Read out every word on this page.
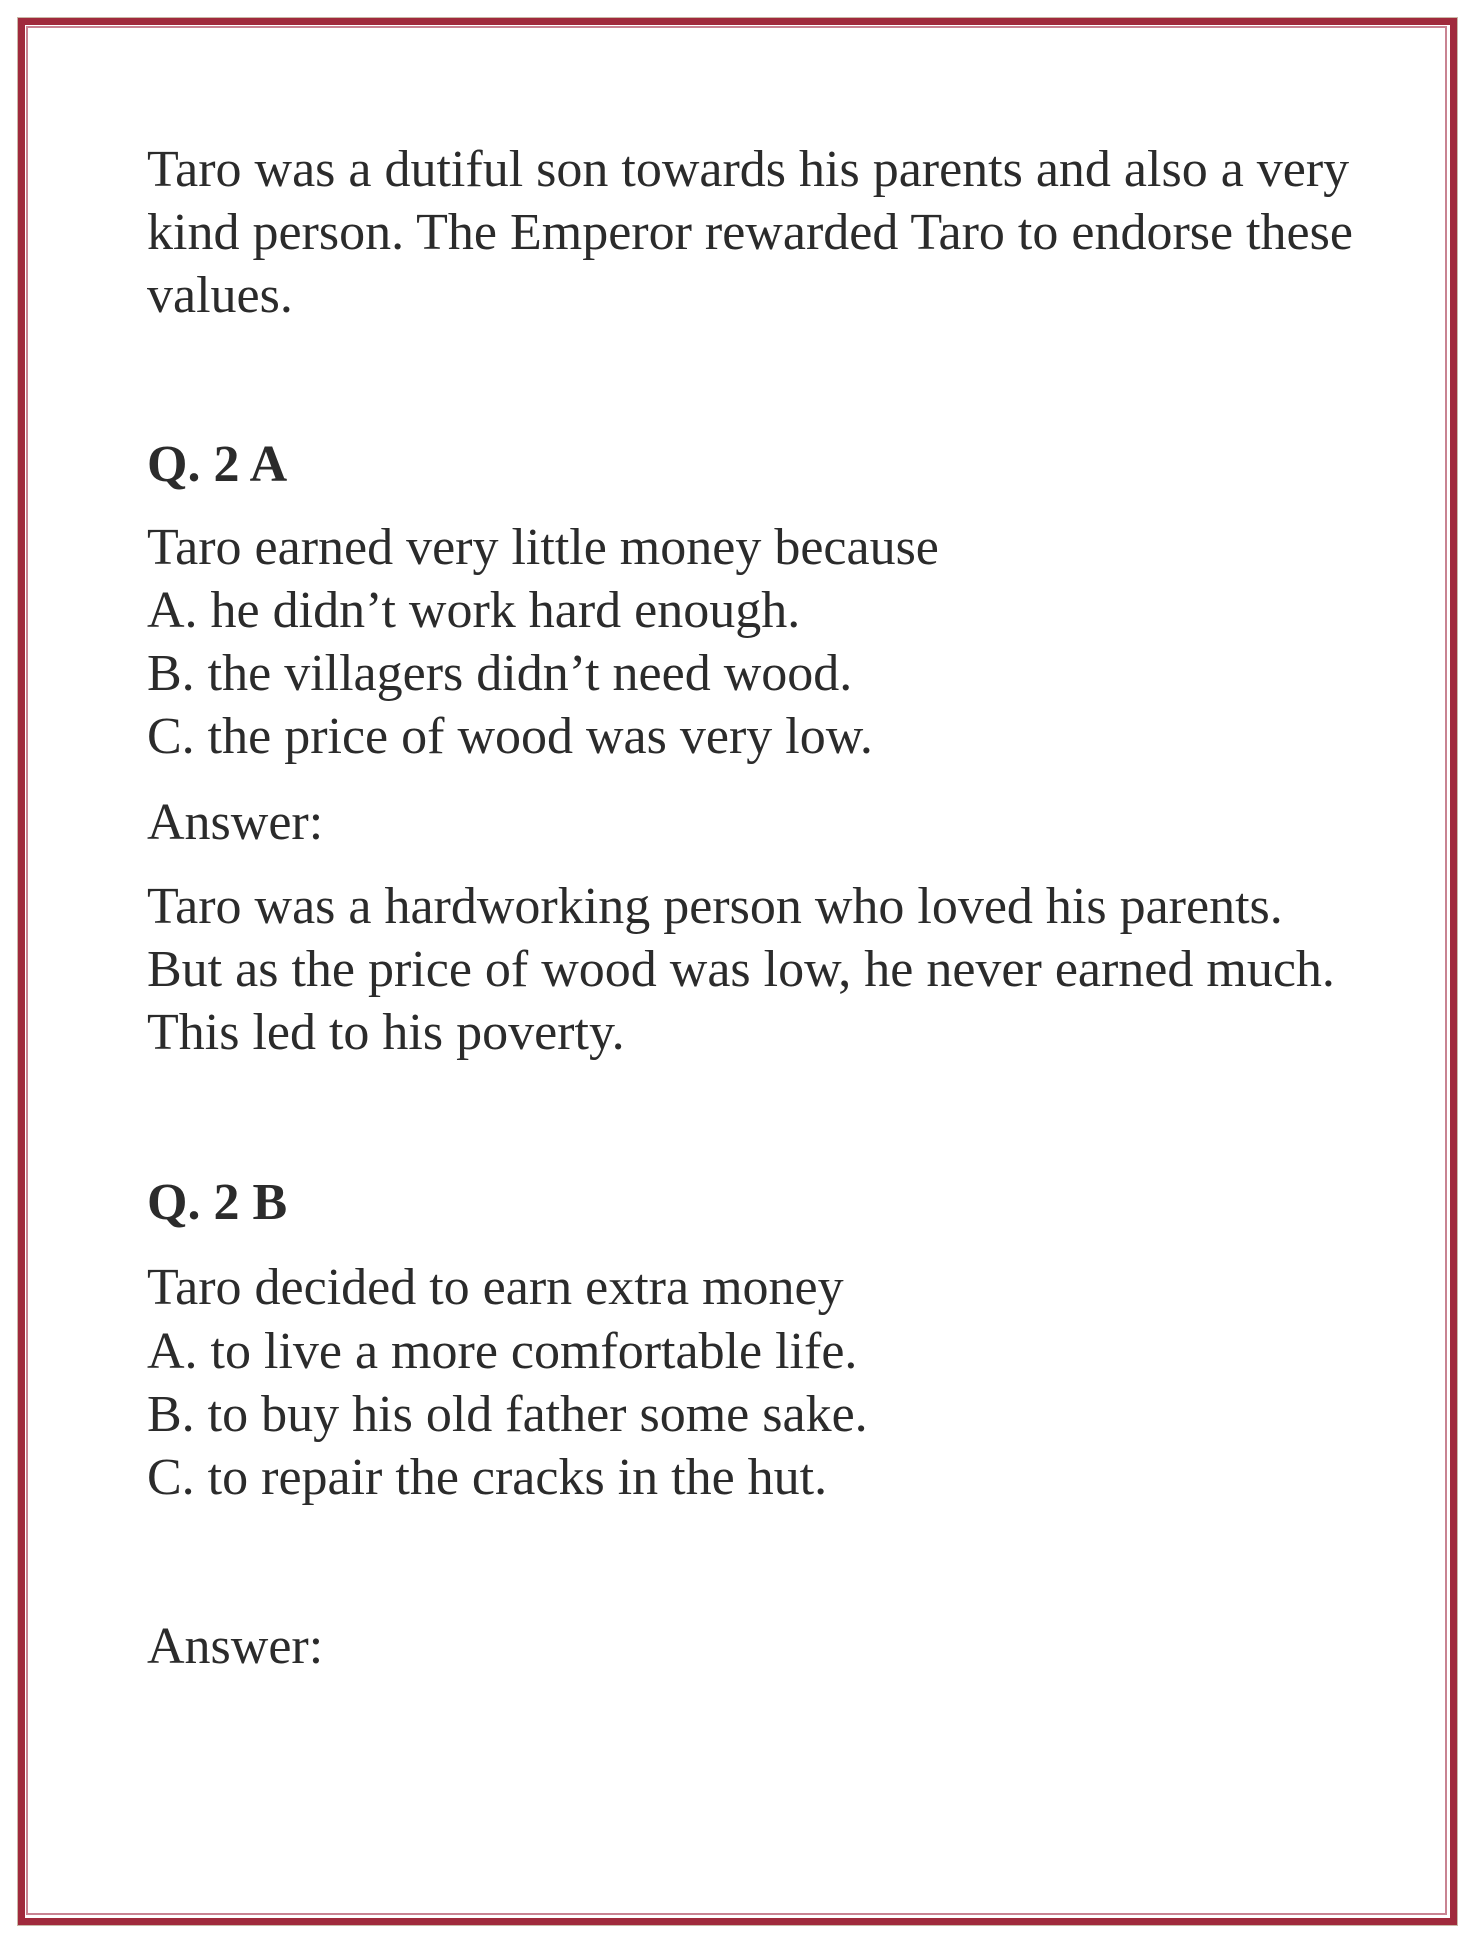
Taro was a dutiful son towards his parents and also a very
kind person. The Emperor rewarded Taro to endorse these
values.
Q. 2 A
Taro earned very little money because
A. he didn’t work hard enough.
B. the villagers didn’t need wood.
C. the price of wood was very low.
Answer:
Taro was a hardworking person who loved his parents.
But as the price of wood was low, he never earned much.
This led to his poverty.
Q. 2 B
Taro decided to earn extra money
A. to live a more comfortable life.
B. to buy his old father some sake.
C. to repair the cracks in the hut.
Answer:
